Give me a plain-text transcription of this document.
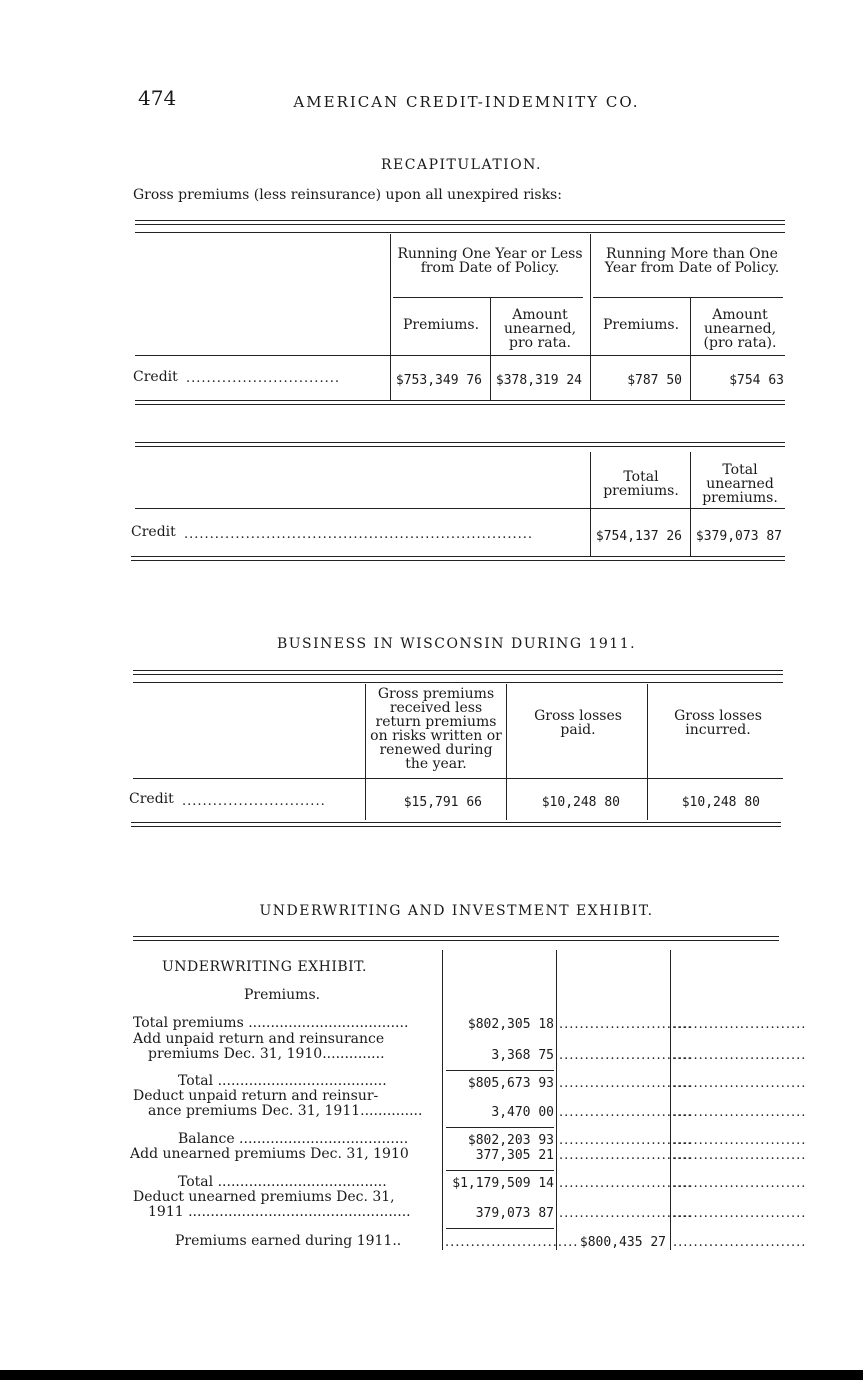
474	AMERICAN CREDIT-INDEMNITY CO.
RECAPITULATION.
Gross premiums (less reinsurance) upon all unexpired risks:
Running One Year or Less from Date of Policy.
Running More than One Year from Date of Policy.
Premiums.
Amount unearned, pro rata.
Premiums.
Amount unearned, (pro rata).
Credit ..............................	$753,349 76 $378,319 24	$787 50	$754 63
Total premiums.
Total unearned premiums.
Credit ....................................................................	$754,137 26 $379,073 87
BUSINESS IN WISCONSIN DURING 1911.
Gross premiums received less return premiums on risks written or renewed during the year.
Gross losses paid.
Gross losses incurred.
Credit ............................	$15,791 66	$10,248 80	$10,248 80
UNDERWRITING AND INVESTMENT EXHIBIT.
UNDERWRITING EXHIBIT.
Premiums.
Total premiums ....................................	$802,305 18
Add unpaid return and reinsurance
premiums Dec. 31, 1910..............	3,368 75
Total ......................................	$805,673 93
Deduct unpaid return and reinsur-
ance premiums Dec. 31, 1911..............	3,470 00
Balance ......................................	$802,203 93
Add unearned premiums Dec. 31, 1910	377,305 21
Total ......................................	$1,179,509 14
Deduct unearned premiums Dec. 31,
1911 ..................................................	379,073 87
Premiums earned during 1911..	.......................... $800,435 27 ..........................
..........................
..........................
..........................
..........................
..........................
..........................
..........................
..........................
..........................
..........................
..........................
..........................
..........................
..........................
..........................
..........................
